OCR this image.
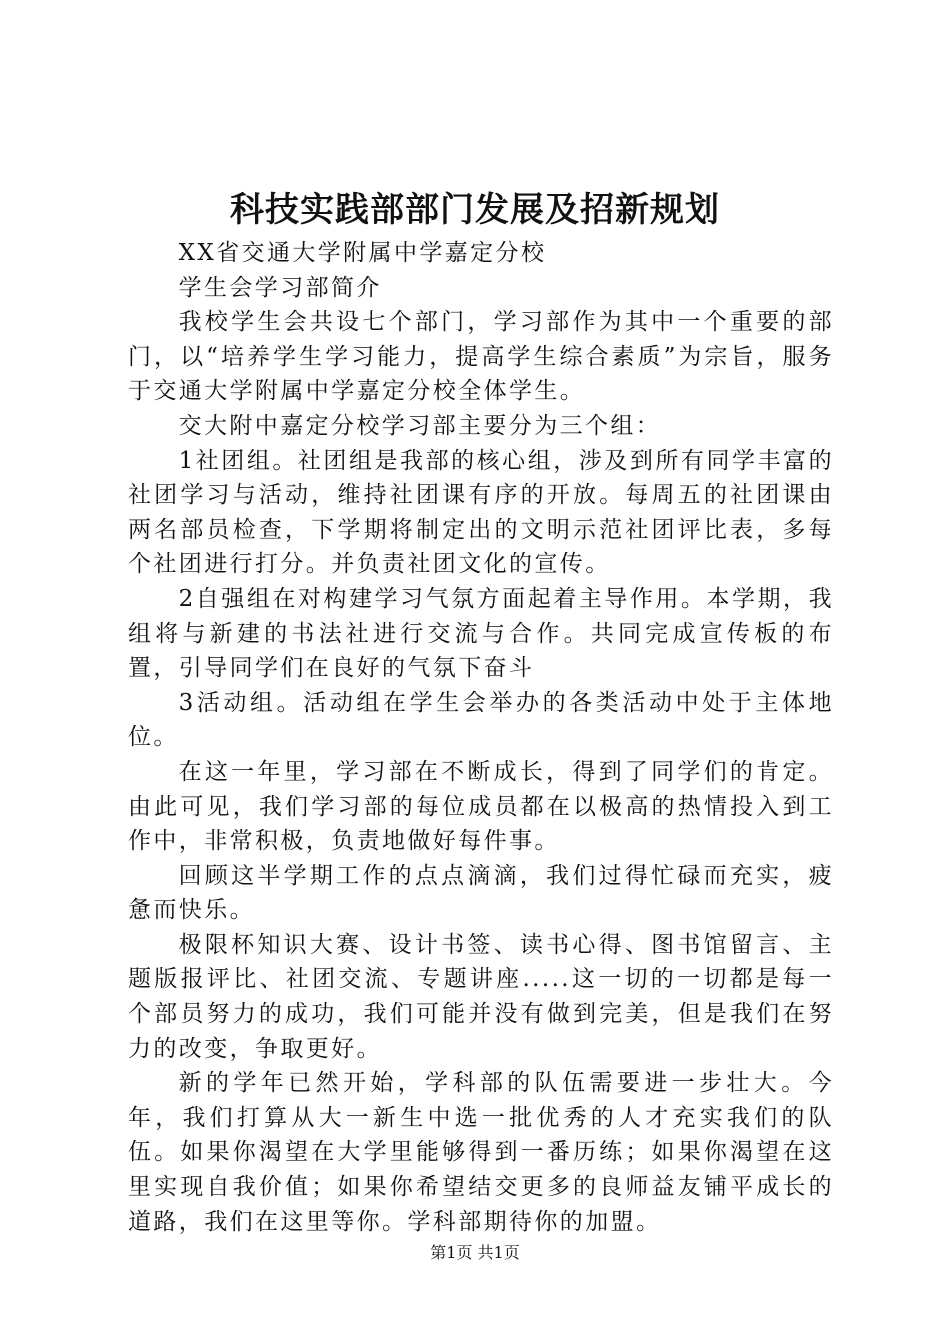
科技实践部部门发展及招新规划

XX省交通大学附属中学嘉定分校

学生会学习部简介

我校学生会共设七个部门，学习部作为其中一个重要的部门，以“培养学生学习能力，提高学生综合素质”为宗旨，服务于交通大学附属中学嘉定分校全体学生。

交大附中嘉定分校学习部主要分为三个组：

1社团组。社团组是我部的核心组，涉及到所有同学丰富的社团学习与活动，维持社团课有序的开放。每周五的社团课由两名部员检查，下学期将制定出的文明示范社团评比表，多每个社团进行打分。并负责社团文化的宣传。

2自强组在对构建学习气氛方面起着主导作用。本学期，我组将与新建的书法社进行交流与合作。共同完成宣传板的布置，引导同学们在良好的气氛下奋斗

3活动组。活动组在学生会举办的各类活动中处于主体地位。

在这一年里，学习部在不断成长，得到了同学们的肯定。由此可见，我们学习部的每位成员都在以极高的热情投入到工作中，非常积极，负责地做好每件事。

回顾这半学期工作的点点滴滴，我们过得忙碌而充实，疲惫而快乐。

极限杯知识大赛、设计书签、读书心得、图书馆留言、主题版报评比、社团交流、专题讲座.....这一切的一切都是每一个部员努力的成功，我们可能并没有做到完美，但是我们在努力的改变，争取更好。

新的学年已然开始，学科部的队伍需要进一步壮大。今年，我们打算从大一新生中选一批优秀的人才充实我们的队伍。如果你渴望在大学里能够得到一番历练；如果你渴望在这里实现自我价值；如果你希望结交更多的良师益友铺平成长的道路，我们在这里等你。学科部期待你的加盟。

第1页 共1页
